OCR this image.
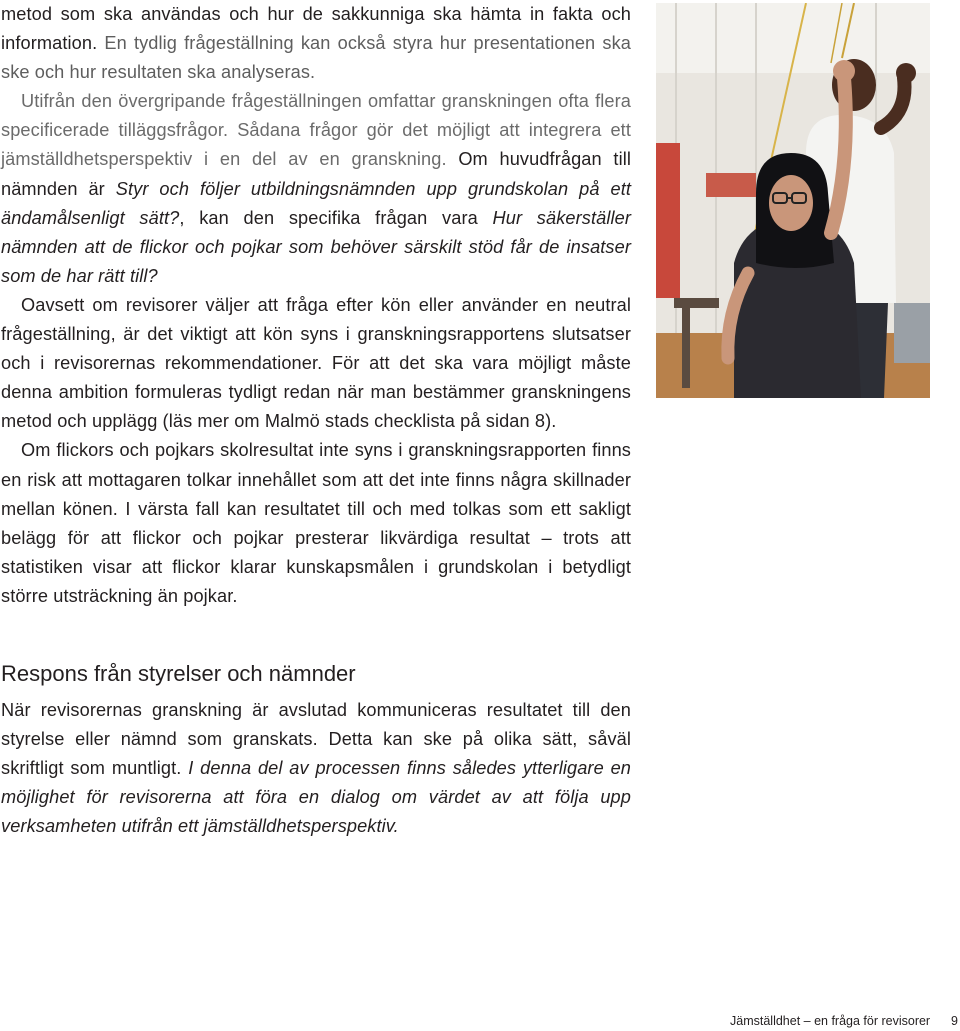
metod som ska användas och hur de sakkunniga ska hämta in fakta och information. En tydlig frågeställning kan också styra hur presentationen ska ske och hur resultaten ska analyseras.

Utifrån den övergripande frågeställningen omfattar granskningen ofta flera specificerade tilläggsfrågor. Sådana frågor gör det möjligt att integrera ett jämställdhetsperspektiv i en del av en granskning. Om huvudfrågan till nämnden är Styr och följer utbildningsnämnden upp grundskolan på ett ändamålsenligt sätt?, kan den specifika frågan vara Hur säkerställer nämnden att de flickor och pojkar som behöver särskilt stöd får de insatser som de har rätt till?

Oavsett om revisorer väljer att fråga efter kön eller använder en neutral frågeställning, är det viktigt att kön syns i granskningsrapportens slutsatser och i revisorernas rekommendationer. För att det ska vara möjligt måste denna ambition formuleras tydligt redan när man bestämmer granskningens metod och upplägg (läs mer om Malmö stads checklista på sidan 8).

Om flickors och pojkars skolresultat inte syns i granskningsrapporten finns en risk att mottagaren tolkar innehållet som att det inte finns några skillnader mellan könen. I värsta fall kan resultatet till och med tolkas som ett sakligt belägg för att flickor och pojkar presterar likvärdiga resultat – trots att statistiken visar att flickor klarar kunskapsmålen i grundskolan i betydligt större utsträckning än pojkar.

Respons från styrelser och nämnder

När revisorernas granskning är avslutad kommuniceras resultatet till den styrelse eller nämnd som granskats. Detta kan ske på olika sätt, såväl skriftligt som muntligt. I denna del av processen finns således ytterligare en möjlighet för revisorerna att föra en dialog om värdet av att följa upp verksamheten utifrån ett jämställdhetsperspektiv.

Jämställdhet – en fråga för revisorer 9
